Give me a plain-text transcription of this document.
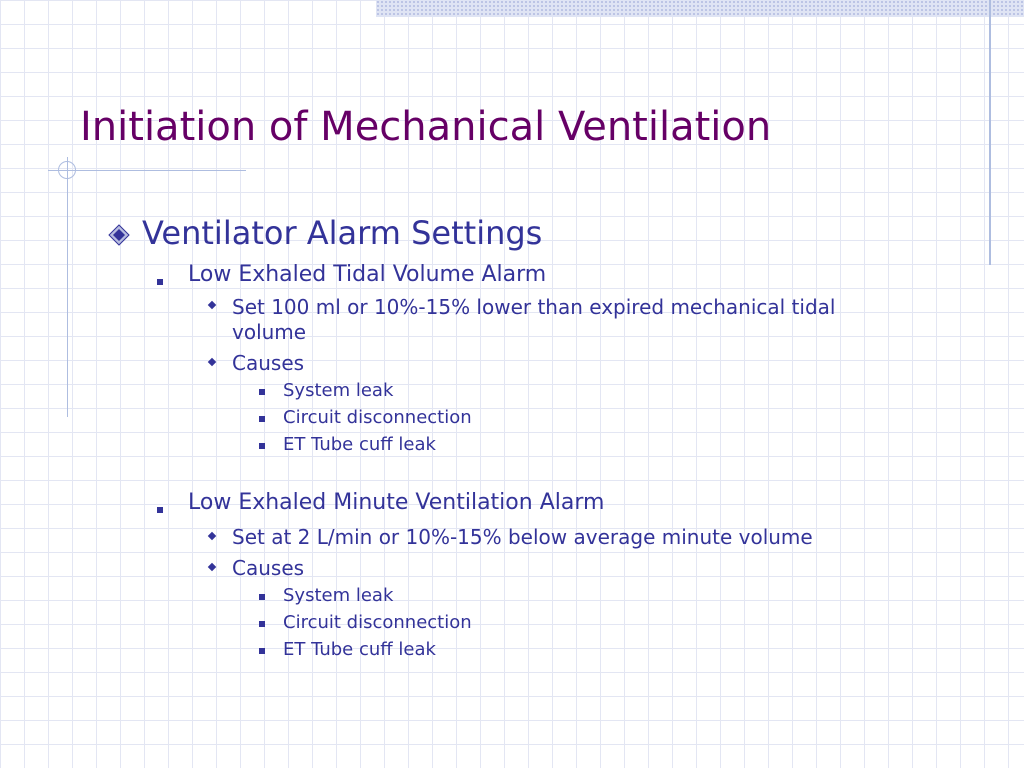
Initiation of Mechanical Ventilation
Ventilator Alarm Settings
Low Exhaled Tidal Volume Alarm
Set 100 ml or 10%-15% lower than expired mechanical tidal
volume
Causes
System leak
Circuit disconnection
ET Tube cuff leak
Low Exhaled Minute Ventilation Alarm
Set at 2 L/min or 10%-15% below average minute volume
Causes
System leak
Circuit disconnection
ET Tube cuff leak
